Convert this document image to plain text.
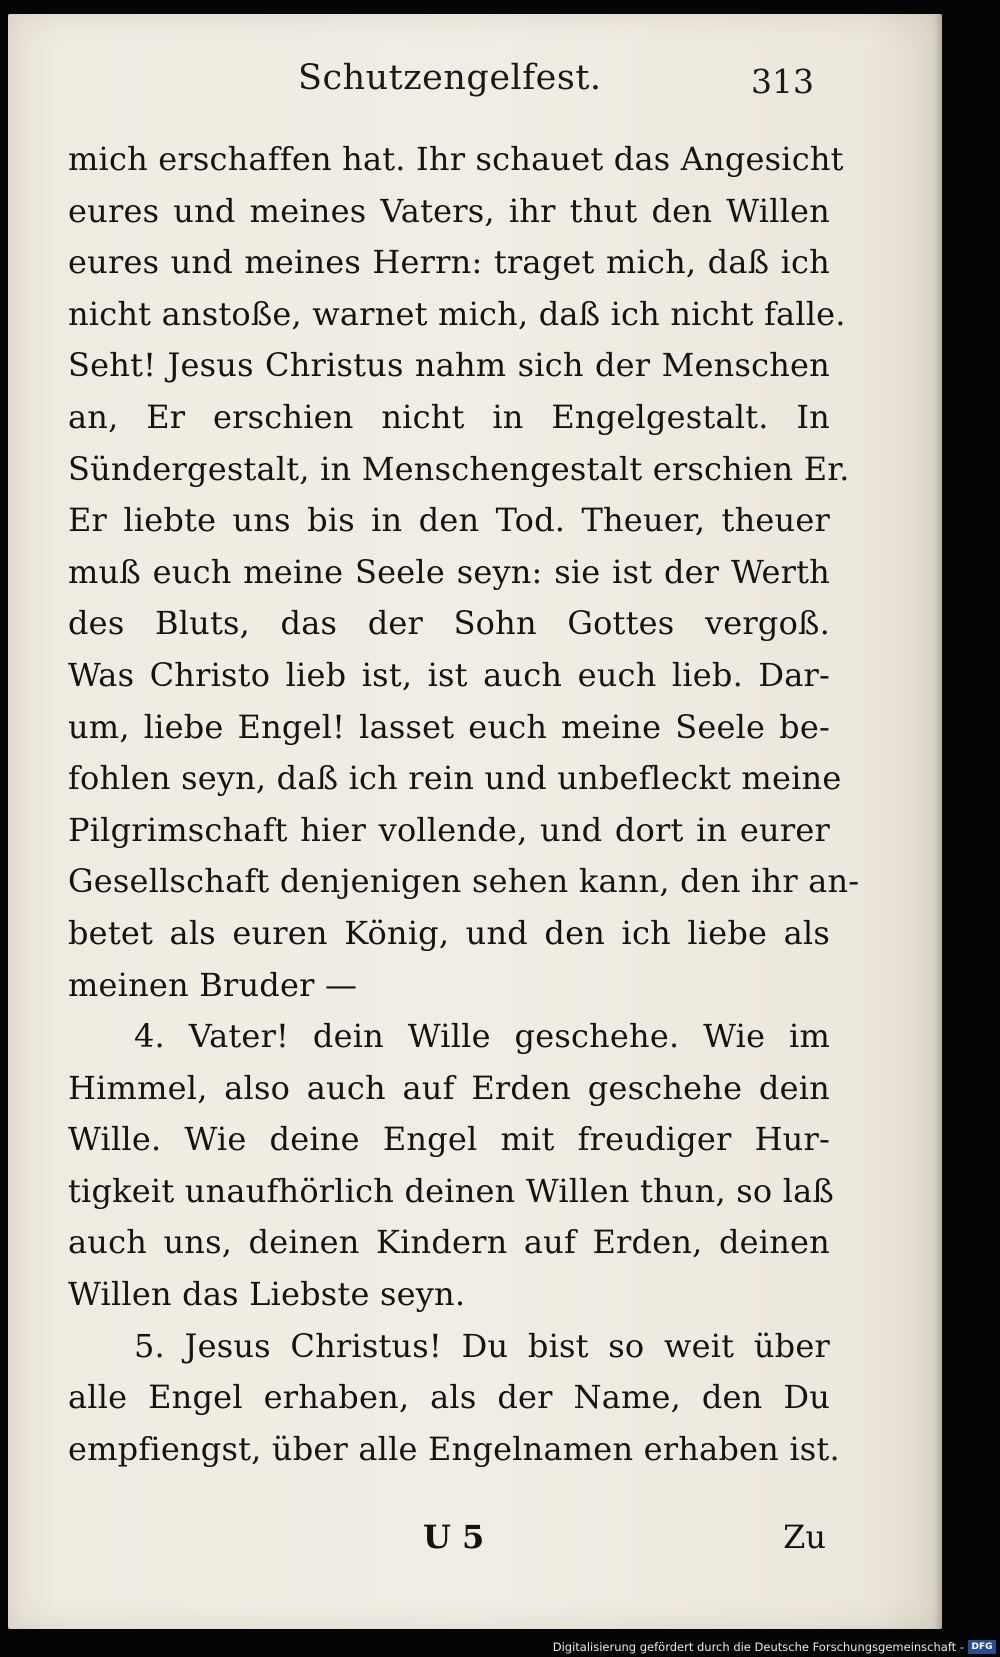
Schutzengelfest.	313
mich erschaffen hat. Ihr schauet das Angesicht
eures und meines Vaters, ihr thut den Willen
eures und meines Herrn: traget mich, daß ich
nicht anstoße, warnet mich, daß ich nicht falle.
Seht! Jesus Christus nahm sich der Menschen
an, Er erschien nicht in Engelgestalt. In
Sündergestalt, in Menschengestalt erschien Er.
Er liebte uns bis in den Tod. Theuer, theuer
muß euch meine Seele seyn: sie ist der Werth
des Bluts, das der Sohn Gottes vergoß.
Was Christo lieb ist, ist auch euch lieb. Dar-
um, liebe Engel! lasset euch meine Seele be-
fohlen seyn, daß ich rein und unbefleckt meine
Pilgrimschaft hier vollende, und dort in eurer
Gesellschaft denjenigen sehen kann, den ihr an-
betet als euren König, und den ich liebe als
meinen Bruder —
4. Vater! dein Wille geschehe. Wie im
Himmel, also auch auf Erden geschehe dein
Wille. Wie deine Engel mit freudiger Hur-
tigkeit unaufhörlich deinen Willen thun, so laß
auch uns, deinen Kindern auf Erden, deinen
Willen das Liebste seyn.
5. Jesus Christus! Du bist so weit über
alle Engel erhaben, als der Name, den Du
empfiengst, über alle Engelnamen erhaben ist.
U 5	Zu
Digitalisierung gefördert durch die Deutsche Forschungsgemeinschaft - DFG
